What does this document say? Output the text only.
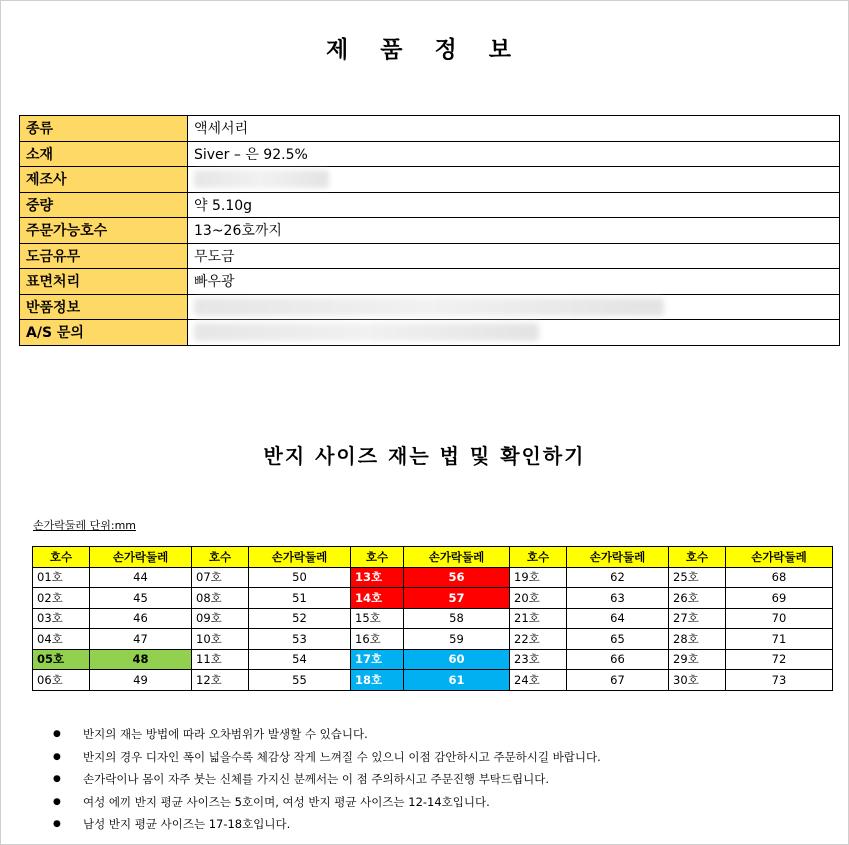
제 품 정 보
종류	액세서리
소재	Siver – 은 92.5%
제조사	
중량	약 5.10g
주문가능호수	13~26호까지
도금유무	무도금
표면처리	빠우광
반품정보	
A/S 문의	
반지 사이즈 재는 법 및 확인하기
손가락둘레 단위:mm
호수	손가락둘레	호수	손가락둘레	호수	손가락둘레	호수	손가락둘레	호수	손가락둘레
01호	44	07호	50	13호	56	19호	62	25호	68
02호	45	08호	51	14호	57	20호	63	26호	69
03호	46	09호	52	15호	58	21호	64	27호	70
04호	47	10호	53	16호	59	22호	65	28호	71
05호	48	11호	54	17호	60	23호	66	29호	72
06호	49	12호	55	18호	61	24호	67	30호	73
●	반지의 재는 방법에 따라 오차범위가 발생할 수 있습니다.
●	반지의 경우 디자인 폭이 넓을수록 체감상 작게 느껴질 수 있으니 이점 감안하시고 주문하시길 바랍니다.
●	손가락이나 몸이 자주 붓는 신체를 가지신 분께서는 이 점 주의하시고 주문진행 부탁드립니다.
●	여성 에끼 반지 평균 사이즈는 5호이며, 여성 반지 평균 사이즈는 12-14호입니다.
●	남성 반지 평균 사이즈는 17-18호입니다.
